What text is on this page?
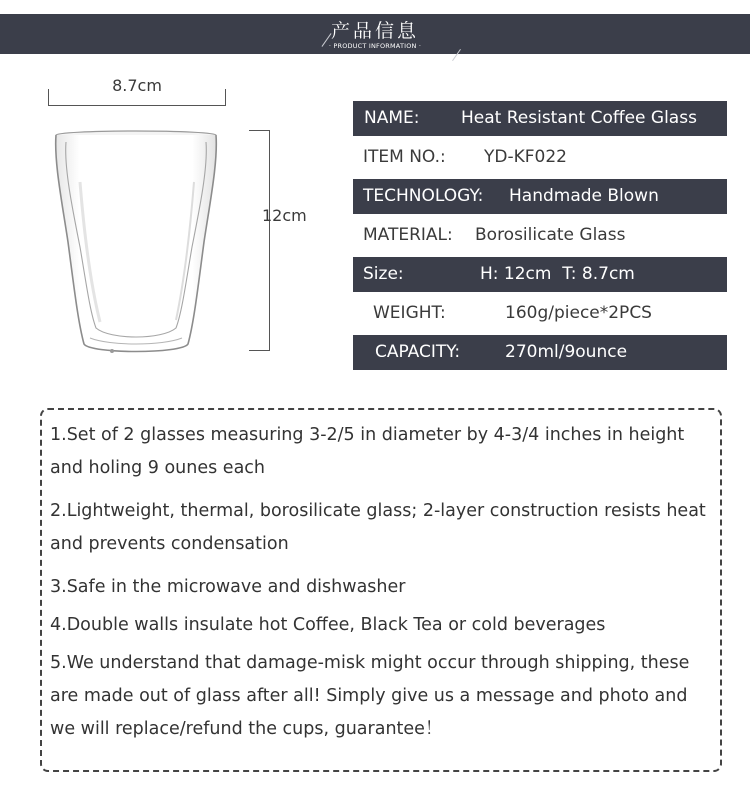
产品信息
· PRODUCT INFORMATION ·
8.7cm
12cm
NAME: Heat Resistant Coffee Glass
ITEM NO.: YD-KF022
TECHNOLOGY: Handmade Blown
MATERIAL: Borosilicate Glass
Size:	H: 12cm  T: 8.7cm
WEIGHT:	160g/piece*2PCS
CAPACITY:	270ml/9ounce
1.Set of 2 glasses measuring 3-2/5 in diameter by 4-3/4 inches in height and holing 9 ounes each
2.Lightweight, thermal, borosilicate glass; 2-layer construction resists heat and prevents condensation
3.Safe in the microwave and dishwasher
4.Double walls insulate hot Coffee, Black Tea or cold beverages
5.We understand that damage-misk might occur through shipping, these are made out of glass after all! Simply give us a message and photo and we will replace/refund the cups, guarantee！
